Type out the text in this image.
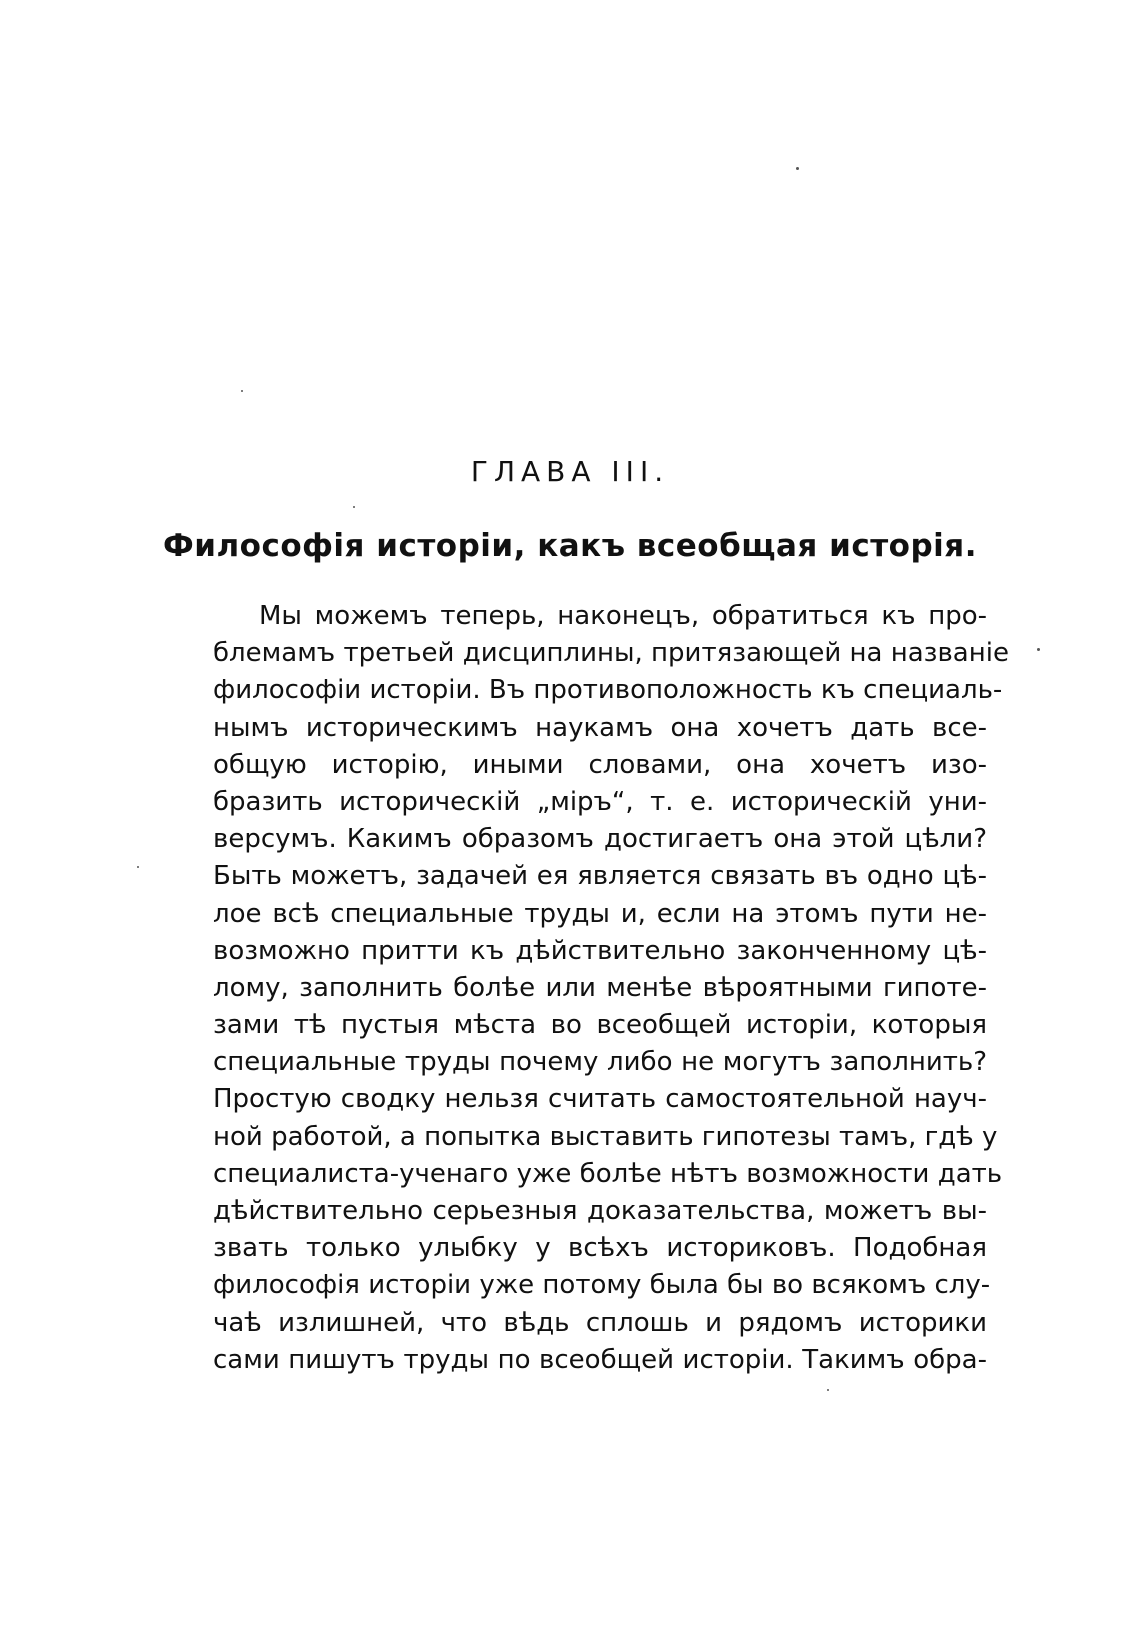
ГЛАВА III.
Философія исторіи, какъ всеобщая исторія.
Мы можемъ теперь, наконецъ, обратиться къ про-
блемамъ третьей дисциплины, притязающей на названіе
философіи исторіи. Въ противоположность къ специаль-
нымъ историческимъ наукамъ она хочетъ дать все-
общую исторію, иными словами, она хочетъ изо-
бразить историческій „міръ“, т. е. историческій уни-
версумъ. Какимъ образомъ достигаетъ она этой цѣли?
Быть можетъ, задачей ея является связать въ одно цѣ-
лое всѣ специальные труды и, если на этомъ пути не-
возможно притти къ дѣйствительно законченному цѣ-
лому, заполнить болѣе или менѣе вѣроятными гипоте-
зами тѣ пустыя мѣста во всеобщей исторіи, которыя
специальные труды почему либо не могутъ заполнить?
Простую сводку нельзя считать самостоятельной науч-
ной работой, а попытка выставить гипотезы тамъ, гдѣ у
специалиста-ученаго уже болѣе нѣтъ возможности дать
дѣйствительно серьезныя доказательства, можетъ вы-
звать только улыбку у всѣхъ историковъ. Подобная
философія исторіи уже потому была бы во всякомъ слу-
чаѣ излишней, что вѣдь сплошь и рядомъ историки
сами пишутъ труды по всеобщей исторіи. Такимъ обра-
